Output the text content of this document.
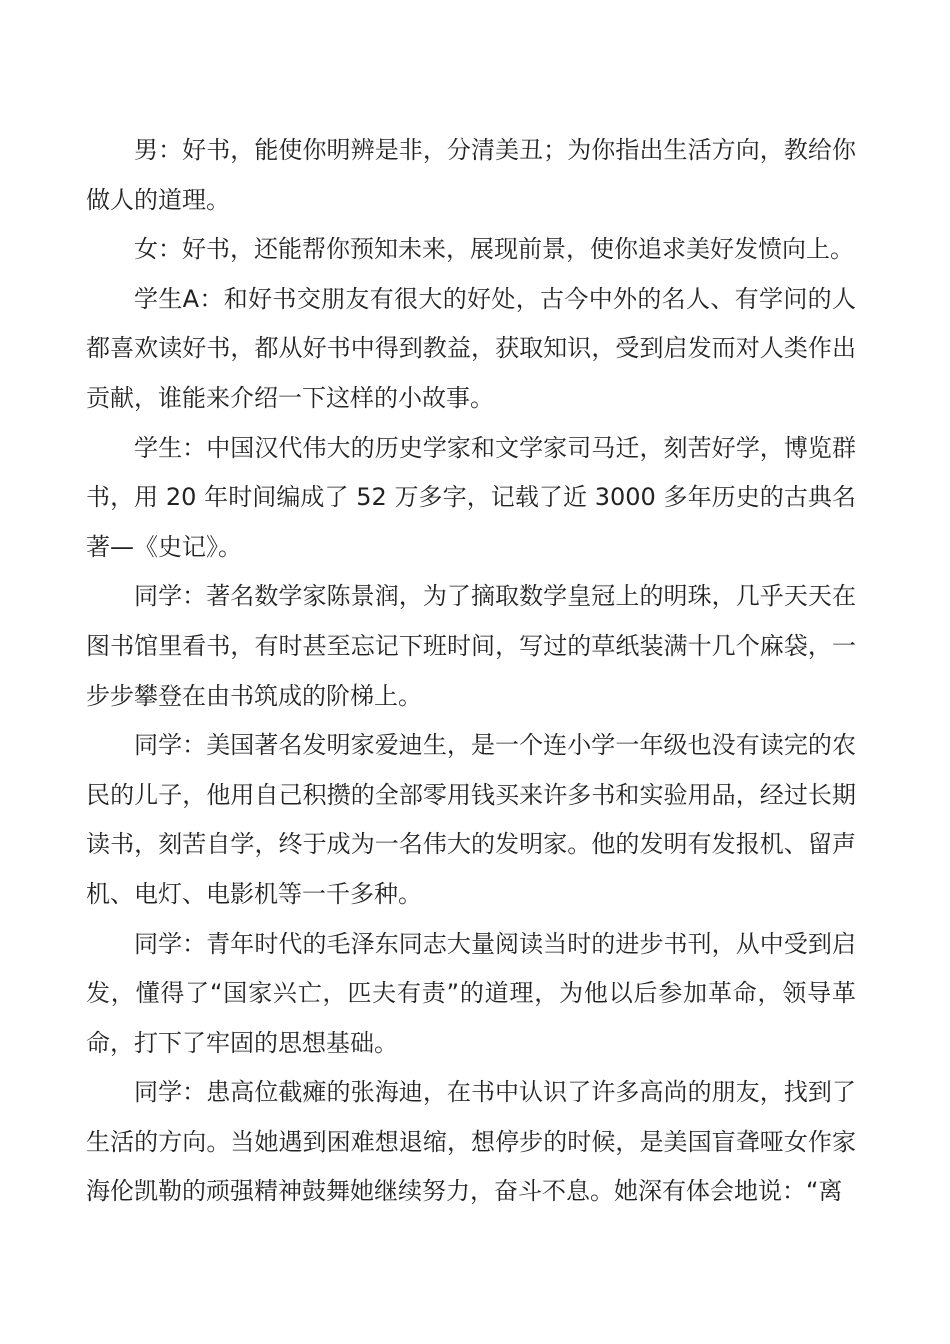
男：好书，能使你明辨是非，分清美丑；为你指出生活方向，教给你做人的道理。

女：好书，还能帮你预知未来，展现前景，使你追求美好发愤向上。

学生A：和好书交朋友有很大的好处，古今中外的名人、有学问的人都喜欢读好书，都从好书中得到教益，获取知识，受到启发而对人类作出贡献，谁能来介绍一下这样的小故事。

学生：中国汉代伟大的历史学家和文学家司马迁，刻苦好学，博览群书，用 20 年时间编成了 52 万多字，记载了近 3000 多年历史的古典名著—《史记》。

同学：著名数学家陈景润，为了摘取数学皇冠上的明珠，几乎天天在图书馆里看书，有时甚至忘记下班时间，写过的草纸装满十几个麻袋，一步步攀登在由书筑成的阶梯上。

同学：美国著名发明家爱迪生，是一个连小学一年级也没有读完的农民的儿子，他用自己积攒的全部零用钱买来许多书和实验用品，经过长期读书，刻苦自学，终于成为一名伟大的发明家。他的发明有发报机、留声机、电灯、电影机等一千多种。

同学：青年时代的毛泽东同志大量阅读当时的进步书刊，从中受到启发，懂得了“国家兴亡，匹夫有责”的道理，为他以后参加革命，领导革命，打下了牢固的思想基础。

同学：患高位截瘫的张海迪，在书中认识了许多高尚的朋友，找到了生活的方向。当她遇到困难想退缩，想停步的时候，是美国盲聋哑女作家海伦凯勒的顽强精神鼓舞她继续努力，奋斗不息。她深有体会地说：“离
